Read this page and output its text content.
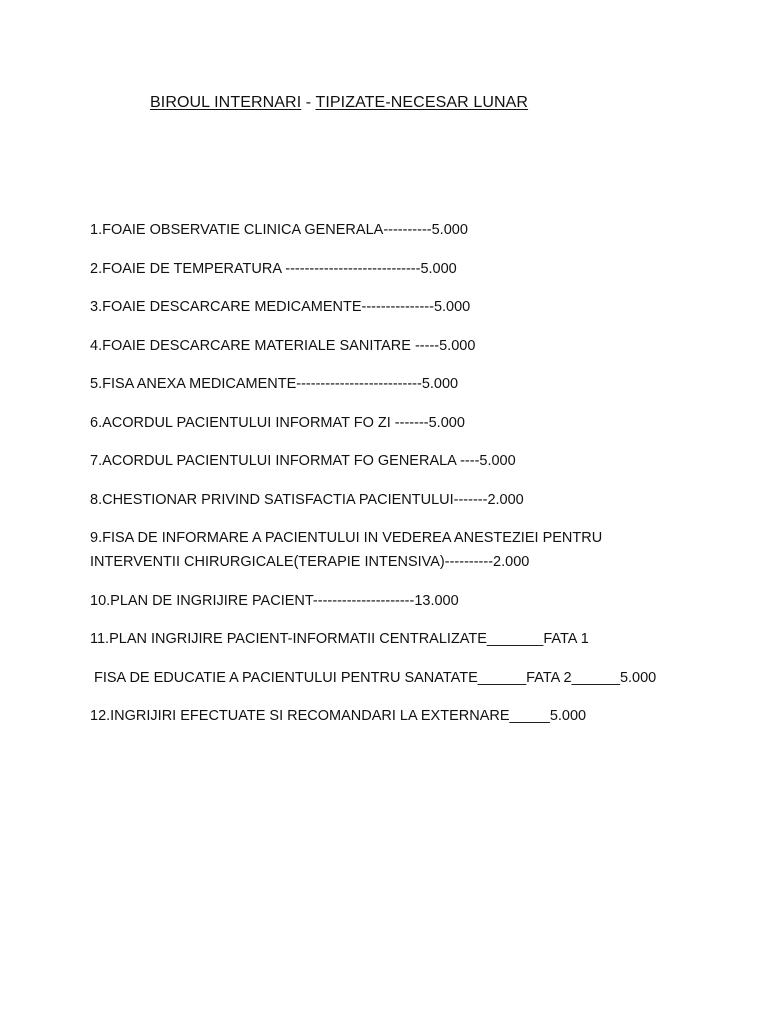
BIROUL INTERNARI - TIPIZATE-NECESAR LUNAR
1.FOAIE OBSERVATIE CLINICA GENERALA----------5.000
2.FOAIE DE TEMPERATURA ----------------------------5.000
3.FOAIE DESCARCARE MEDICAMENTE---------------5.000
4.FOAIE DESCARCARE MATERIALE SANITARE -----5.000
5.FISA ANEXA MEDICAMENTE--------------------------5.000
6.ACORDUL PACIENTULUI INFORMAT FO ZI -------5.000
7.ACORDUL PACIENTULUI INFORMAT FO GENERALA ----5.000
8.CHESTIONAR PRIVIND SATISFACTIA PACIENTULUI-------2.000
9.FISA DE INFORMARE A PACIENTULUI IN VEDEREA ANESTEZIEI PENTRU
INTERVENTII CHIRURGICALE(TERAPIE INTENSIVA)----------2.000
10.PLAN DE INGRIJIRE PACIENT---------------------13.000
11.PLAN INGRIJIRE PACIENT-INFORMATII CENTRALIZATE_______FATA 1
FISA DE EDUCATIE A PACIENTULUI PENTRU SANATATE______FATA 2______5.000
12.INGRIJIRI EFECTUATE SI RECOMANDARI LA EXTERNARE_____5.000
